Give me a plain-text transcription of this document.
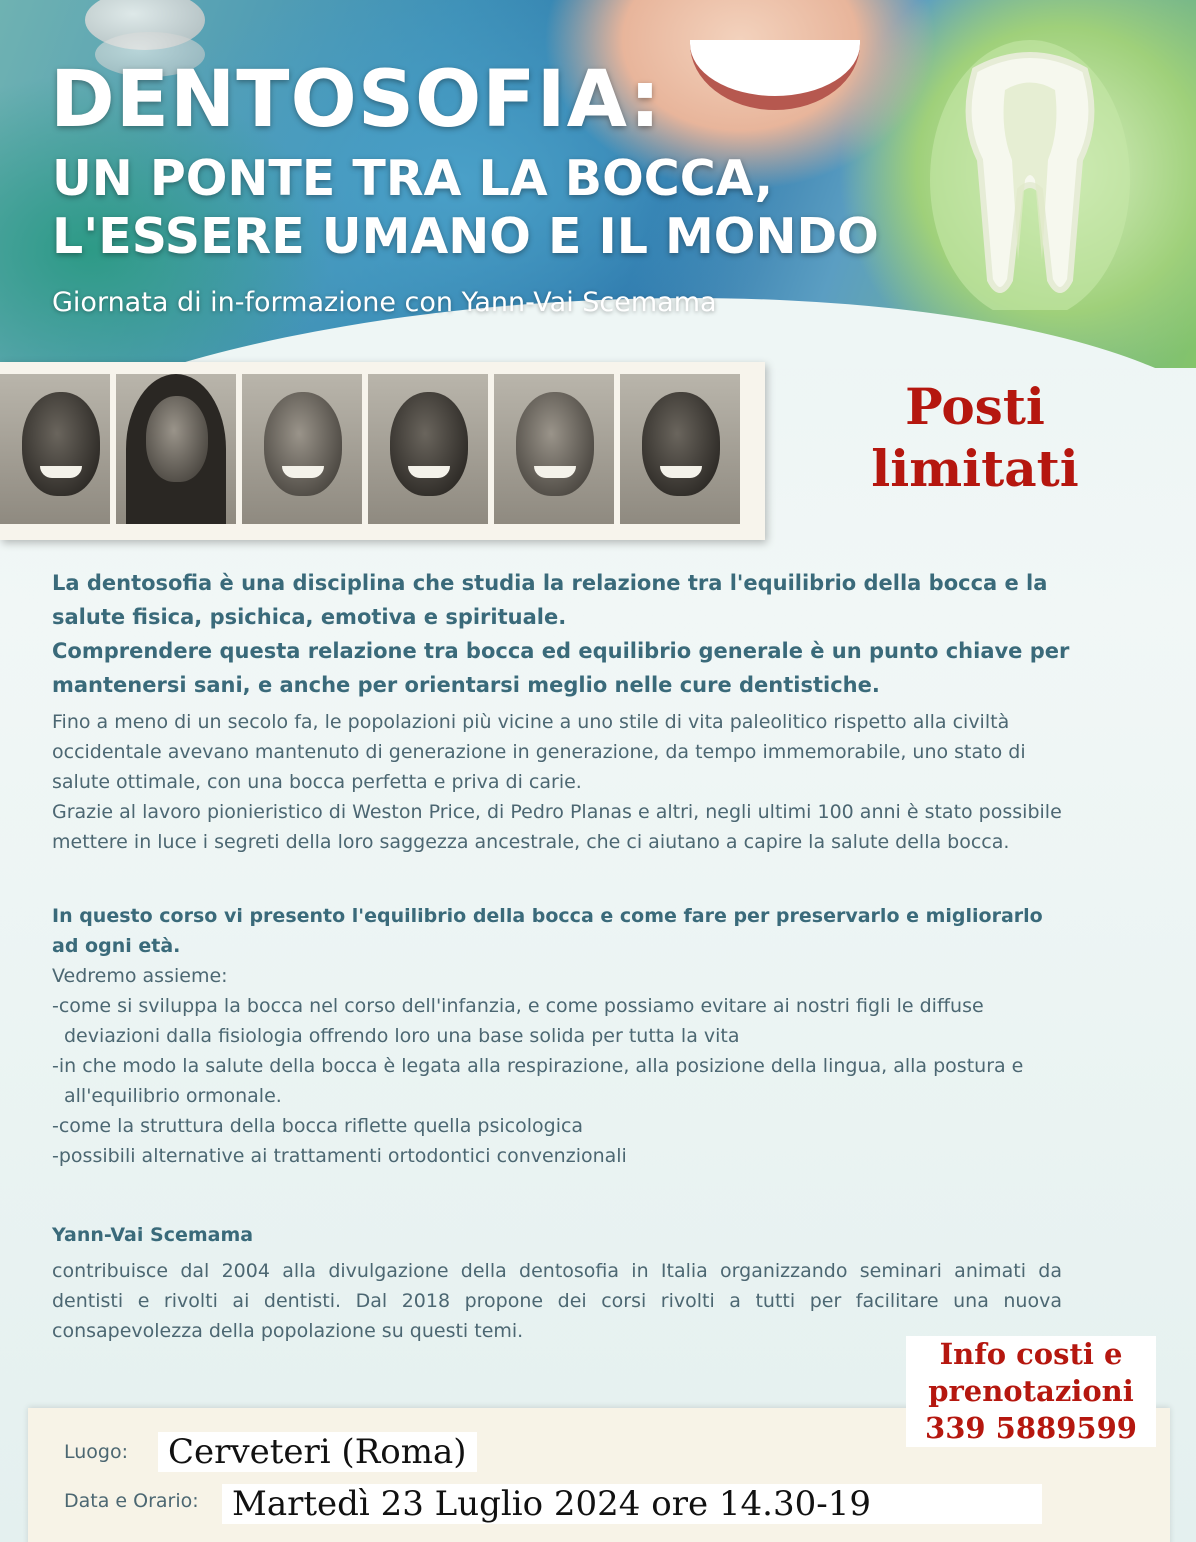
DENTOSOFIA:
UN PONTE TRA LA BOCCA,
L'ESSERE UMANO E IL MONDO
Giornata di in-formazione con Yann-Vai Scemama
Posti
limitati
La dentosofia è una disciplina che studia la relazione tra l'equilibrio della bocca e la salute fisica, psichica, emotiva e spirituale.
Comprendere questa relazione tra bocca ed equilibrio generale è un punto chiave per mantenersi sani, e anche per orientarsi meglio nelle cure dentistiche.
Fino a meno di un secolo fa, le popolazioni più vicine a uno stile di vita paleolitico rispetto alla civiltà occidentale avevano mantenuto di generazione in generazione, da tempo immemorabile, uno stato di salute ottimale, con una bocca perfetta e priva di carie.
Grazie al lavoro pionieristico di Weston Price, di Pedro Planas e altri, negli ultimi 100 anni è stato possibile mettere in luce i segreti della loro saggezza ancestrale, che ci aiutano a capire la salute della bocca.
In questo corso vi presento l'equilibrio della bocca e come fare per preservarlo e migliorarlo ad ogni età.
Vedremo assieme:
-come si sviluppa la bocca nel corso dell'infanzia, e come possiamo evitare ai nostri figli le diffuse deviazioni dalla fisiologia offrendo loro una base solida per tutta la vita
-in che modo la salute della bocca è legata alla respirazione, alla posizione della lingua, alla postura e all'equilibrio ormonale.
-come la struttura della bocca riflette quella psicologica
-possibili alternative ai trattamenti ortodontici convenzionali
Yann-Vai Scemama
contribuisce dal 2004 alla divulgazione della dentosofia in Italia organizzando seminari animati da dentisti e rivolti ai dentisti. Dal 2018 propone dei corsi rivolti a tutti per facilitare una nuova consapevolezza della popolazione su questi temi.
Luogo: Cerveteri (Roma)
Data e Orario: Martedì 23 Luglio 2024 ore 14.30-19
Info costi e
prenotazioni
339 5889599
